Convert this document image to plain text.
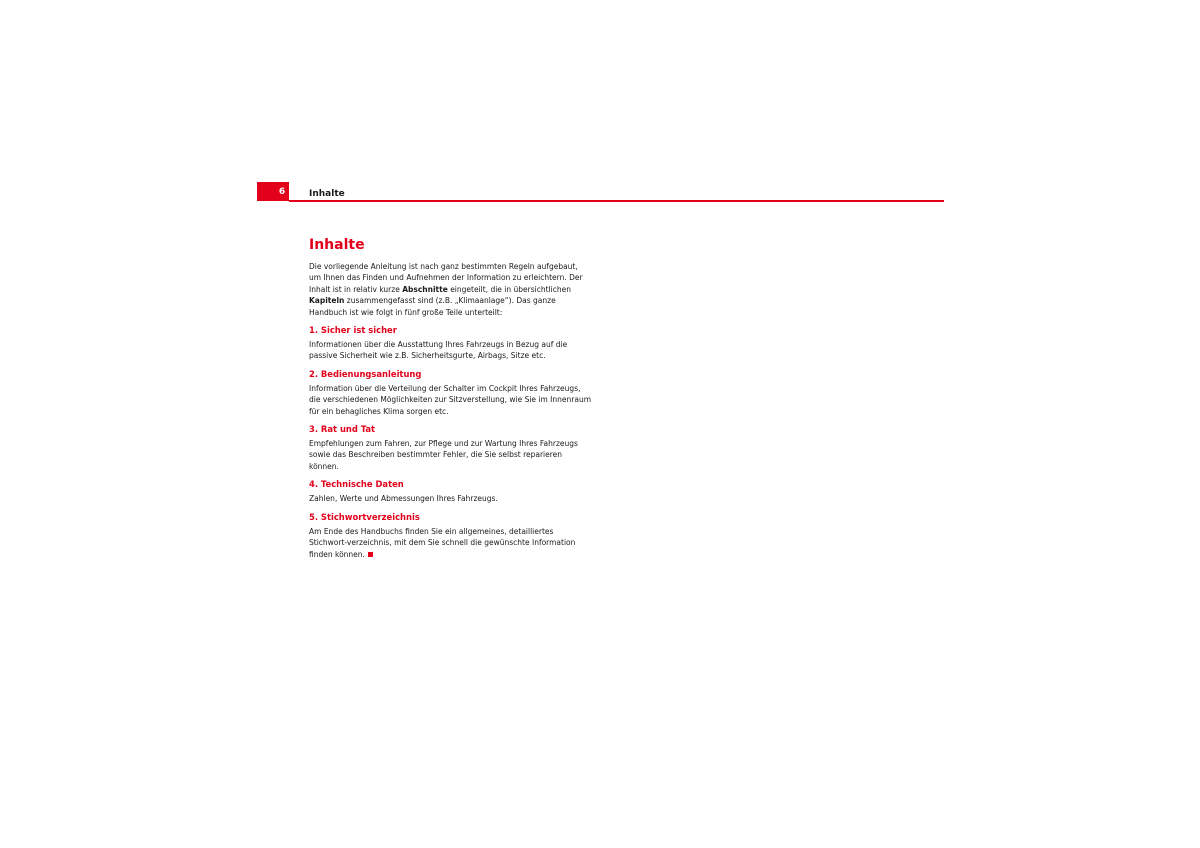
6	Inhalte
Inhalte

Die vorliegende Anleitung ist nach ganz bestimmten Regeln aufgebaut, um Ihnen das Finden und Aufnehmen der Information zu erleichtern. Der Inhalt ist in relativ kurze Abschnitte eingeteilt, die in übersichtlichen Kapiteln zusammengefasst sind (z.B. „Klimaanlage“). Das ganze Handbuch ist wie folgt in fünf große Teile unterteilt:

1. Sicher ist sicher

Informationen über die Ausstattung Ihres Fahrzeugs in Bezug auf die passive Sicherheit wie z.B. Sicherheitsgurte, Airbags, Sitze etc.

2. Bedienungsanleitung

Information über die Verteilung der Schalter im Cockpit Ihres Fahrzeugs, die verschiedenen Möglichkeiten zur Sitzverstellung, wie Sie im Innenraum für ein behagliches Klima sorgen etc.

3. Rat und Tat

Empfehlungen zum Fahren, zur Pflege und zur Wartung Ihres Fahrzeugs sowie das Beschreiben bestimmter Fehler, die Sie selbst reparieren können.

4. Technische Daten

Zahlen, Werte und Abmessungen Ihres Fahrzeugs.

5. Stichwortverzeichnis

Am Ende des Handbuchs finden Sie ein allgemeines, detailliertes Stichwort-verzeichnis, mit dem Sie schnell die gewünschte Information finden können.
